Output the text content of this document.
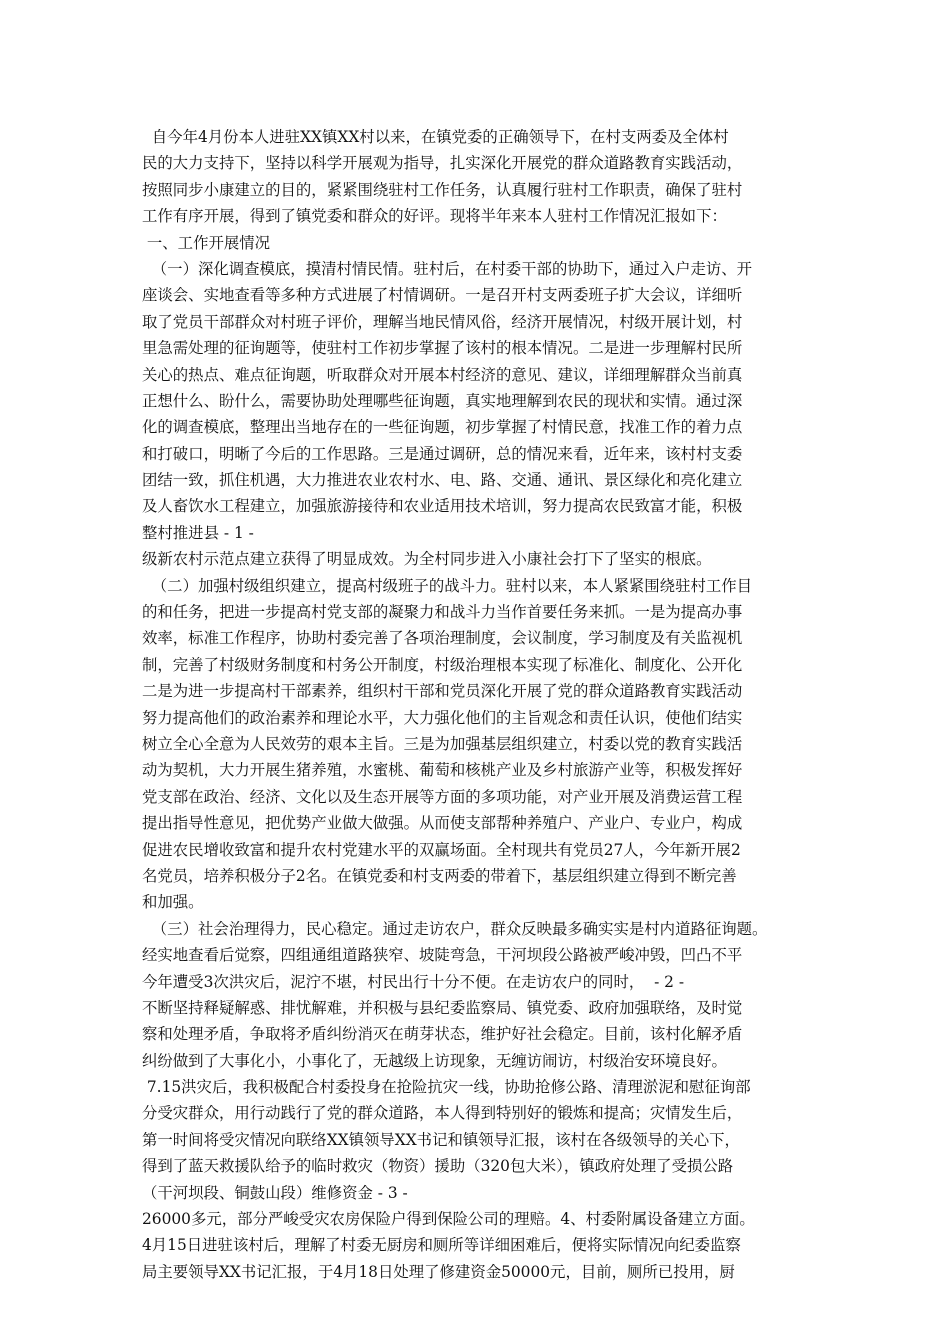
自今年4月份本人进驻XX镇XX村以来，在镇党委的正确领导下，在村支两委及全体村
民的大力支持下，坚持以科学开展观为指导，扎实深化开展党的群众道路教育实践活动，
按照同步小康建立的目的，紧紧围绕驻村工作任务，认真履行驻村工作职责，确保了驻村
工作有序开展，得到了镇党委和群众的好评。现将半年来本人驻村工作情况汇报如下：
一、工作开展情况
（一）深化调查模底，摸清村情民情。驻村后，在村委干部的协助下，通过入户走访、开
座谈会、实地查看等多种方式进展了村情调研。一是召开村支两委班子扩大会议，详细听
取了党员干部群众对村班子评价，理解当地民情风俗，经济开展情况，村级开展计划，村
里急需处理的征询题等，使驻村工作初步掌握了该村的根本情况。二是进一步理解村民所
关心的热点、难点征询题，听取群众对开展本村经济的意见、建议，详细理解群众当前真
正想什么、盼什么，需要协助处理哪些征询题，真实地理解到农民的现状和实情。通过深
化的调查模底，整理出当地存在的一些征询题，初步掌握了村情民意，找准工作的着力点
和打破口，明晰了今后的工作思路。三是通过调研，总的情况来看，近年来，该村村支委
团结一致，抓住机遇，大力推进农业农村水、电、路、交通、通讯、景区绿化和亮化建立
及人畜饮水工程建立，加强旅游接待和农业适用技术培训，努力提高农民致富才能，积极
整村推进县 - 1 -
级新农村示范点建立获得了明显成效。为全村同步进入小康社会打下了坚实的根底。
（二）加强村级组织建立，提高村级班子的战斗力。驻村以来，本人紧紧围绕驻村工作目
的和任务，把进一步提高村党支部的凝聚力和战斗力当作首要任务来抓。一是为提高办事
效率，标准工作程序，协助村委完善了各项治理制度，会议制度，学习制度及有关监视机
制，完善了村级财务制度和村务公开制度，村级治理根本实现了标准化、制度化、公开化
二是为进一步提高村干部素养，组织村干部和党员深化开展了党的群众道路教育实践活动
努力提高他们的政治素养和理论水平，大力强化他们的主旨观念和责任认识，使他们结实
树立全心全意为人民效劳的艰本主旨。三是为加强基层组织建立，村委以党的教育实践活
动为契机，大力开展生猪养殖，水蜜桃、葡萄和核桃产业及乡村旅游产业等，积极发挥好
党支部在政治、经济、文化以及生态开展等方面的多项功能，对产业开展及消费运营工程
提出指导性意见，把优势产业做大做强。从而使支部帮种养殖户、产业户、专业户，构成
促进农民增收致富和提升农村党建水平的双赢场面。全村现共有党员27人，今年新开展2
名党员，培养积极分子2名。在镇党委和村支两委的带着下，基层组织建立得到不断完善
和加强。
（三）社会治理得力，民心稳定。通过走访农户，群众反映最多确实实是村内道路征询题。
经实地查看后觉察，四组通组道路狭窄、坡陡弯急，干河坝段公路被严峻冲毁，凹凸不平
今年遭受3次洪灾后，泥泞不堪，村民出行十分不便。在走访农户的同时，  - 2 -
不断坚持释疑解惑、排忧解难，并积极与县纪委监察局、镇党委、政府加强联络，及时觉
察和处理矛盾，争取将矛盾纠纷消灭在萌芽状态，维护好社会稳定。目前，该村化解矛盾
纠纷做到了大事化小，小事化了，无越级上访现象，无缠访闹访，村级治安环境良好。
7.15洪灾后，我积极配合村委投身在抢险抗灾一线，协助抢修公路、清理淤泥和慰征询部
分受灾群众，用行动践行了党的群众道路，本人得到特别好的锻炼和提高；灾情发生后，
第一时间将受灾情况向联络XX镇领导XX书记和镇领导汇报，该村在各级领导的关心下，
得到了蓝天救援队给予的临时救灾（物资）援助（320包大米），镇政府处理了受损公路
（干河坝段、铜鼓山段）维修资金 - 3 -
26000多元，部分严峻受灾农房保险户得到保险公司的理赔。4、村委附属设备建立方面。
4月15日进驻该村后，理解了村委无厨房和厕所等详细困难后，便将实际情况向纪委监察
局主要领导XX书记汇报，于4月18日处理了修建资金50000元，目前，厕所已投用，厨
